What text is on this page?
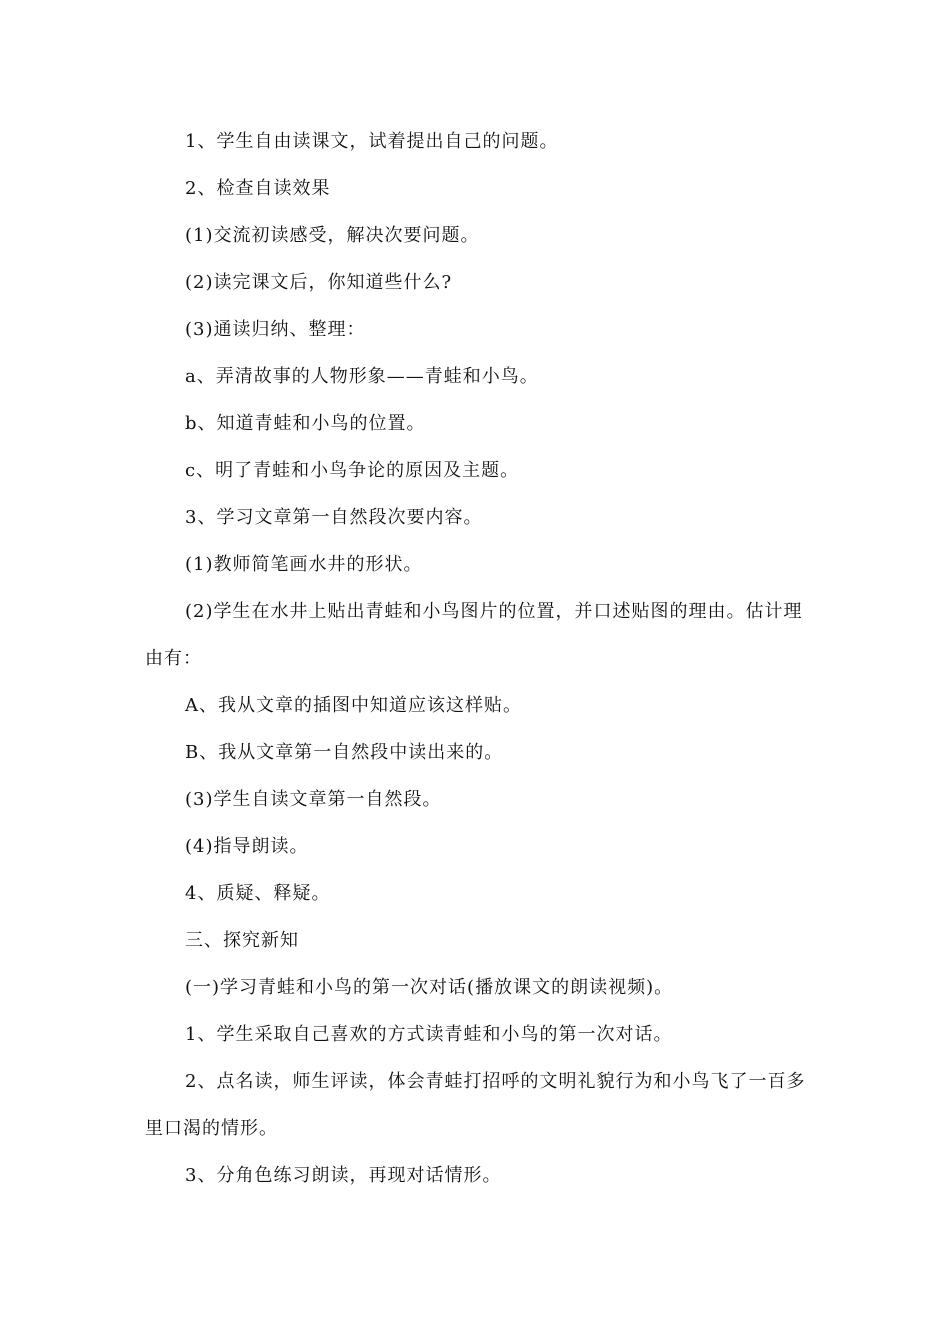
1、学生自由读课文，试着提出自己的问题。

2、检查自读效果

(1)交流初读感受，解决次要问题。

(2)读完课文后，你知道些什么?

(3)通读归纳、整理：

a、弄清故事的人物形象——青蛙和小鸟。

b、知道青蛙和小鸟的位置。

c、明了青蛙和小鸟争论的原因及主题。

3、学习文章第一自然段次要内容。

(1)教师简笔画水井的形状。

(2)学生在水井上贴出青蛙和小鸟图片的位置，并口述贴图的理由。估计理由有：

A、我从文章的插图中知道应该这样贴。

B、我从文章第一自然段中读出来的。

(3)学生自读文章第一自然段。

(4)指导朗读。

4、质疑、释疑。

三、探究新知

(一)学习青蛙和小鸟的第一次对话(播放课文的朗读视频)。

1、学生采取自己喜欢的方式读青蛙和小鸟的第一次对话。

2、点名读，师生评读，体会青蛙打招呼的文明礼貌行为和小鸟飞了一百多里口渴的情形。

3、分角色练习朗读，再现对话情形。
